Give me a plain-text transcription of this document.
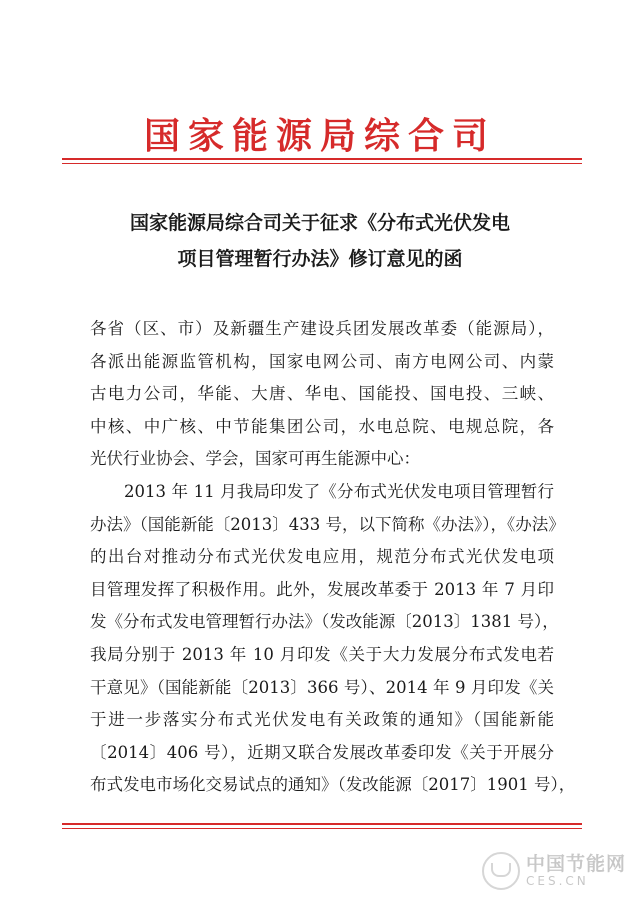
国家能源局综合司
国家能源局综合司关于征求《分布式光伏发电
项目管理暂行办法》修订意见的函
各省（区、市）及新疆生产建设兵团发展改革委（能源局），
各派出能源监管机构，国家电网公司、南方电网公司、内蒙
古电力公司，华能、大唐、华电、国能投、国电投、三峡、
中核、中广核、中节能集团公司，水电总院、电规总院，各
光伏行业协会、学会，国家可再生能源中心：
2013 年 11 月我局印发了《分布式光伏发电项目管理暂行
办法》（国能新能〔2013〕433 号，以下简称《办法》），《办法》
的出台对推动分布式光伏发电应用，规范分布式光伏发电项
目管理发挥了积极作用。此外，发展改革委于 2013 年 7 月印
发《分布式发电管理暂行办法》（发改能源〔2013〕1381 号），
我局分别于 2013 年 10 月印发《关于大力发展分布式发电若
干意见》（国能新能〔2013〕366 号）、2014 年 9 月印发《关
于进一步落实分布式光伏发电有关政策的通知》（国能新能
〔2014〕406 号），近期又联合发展改革委印发《关于开展分
布式发电市场化交易试点的通知》（发改能源〔2017〕1901 号），
中国节能网
CES.CN
